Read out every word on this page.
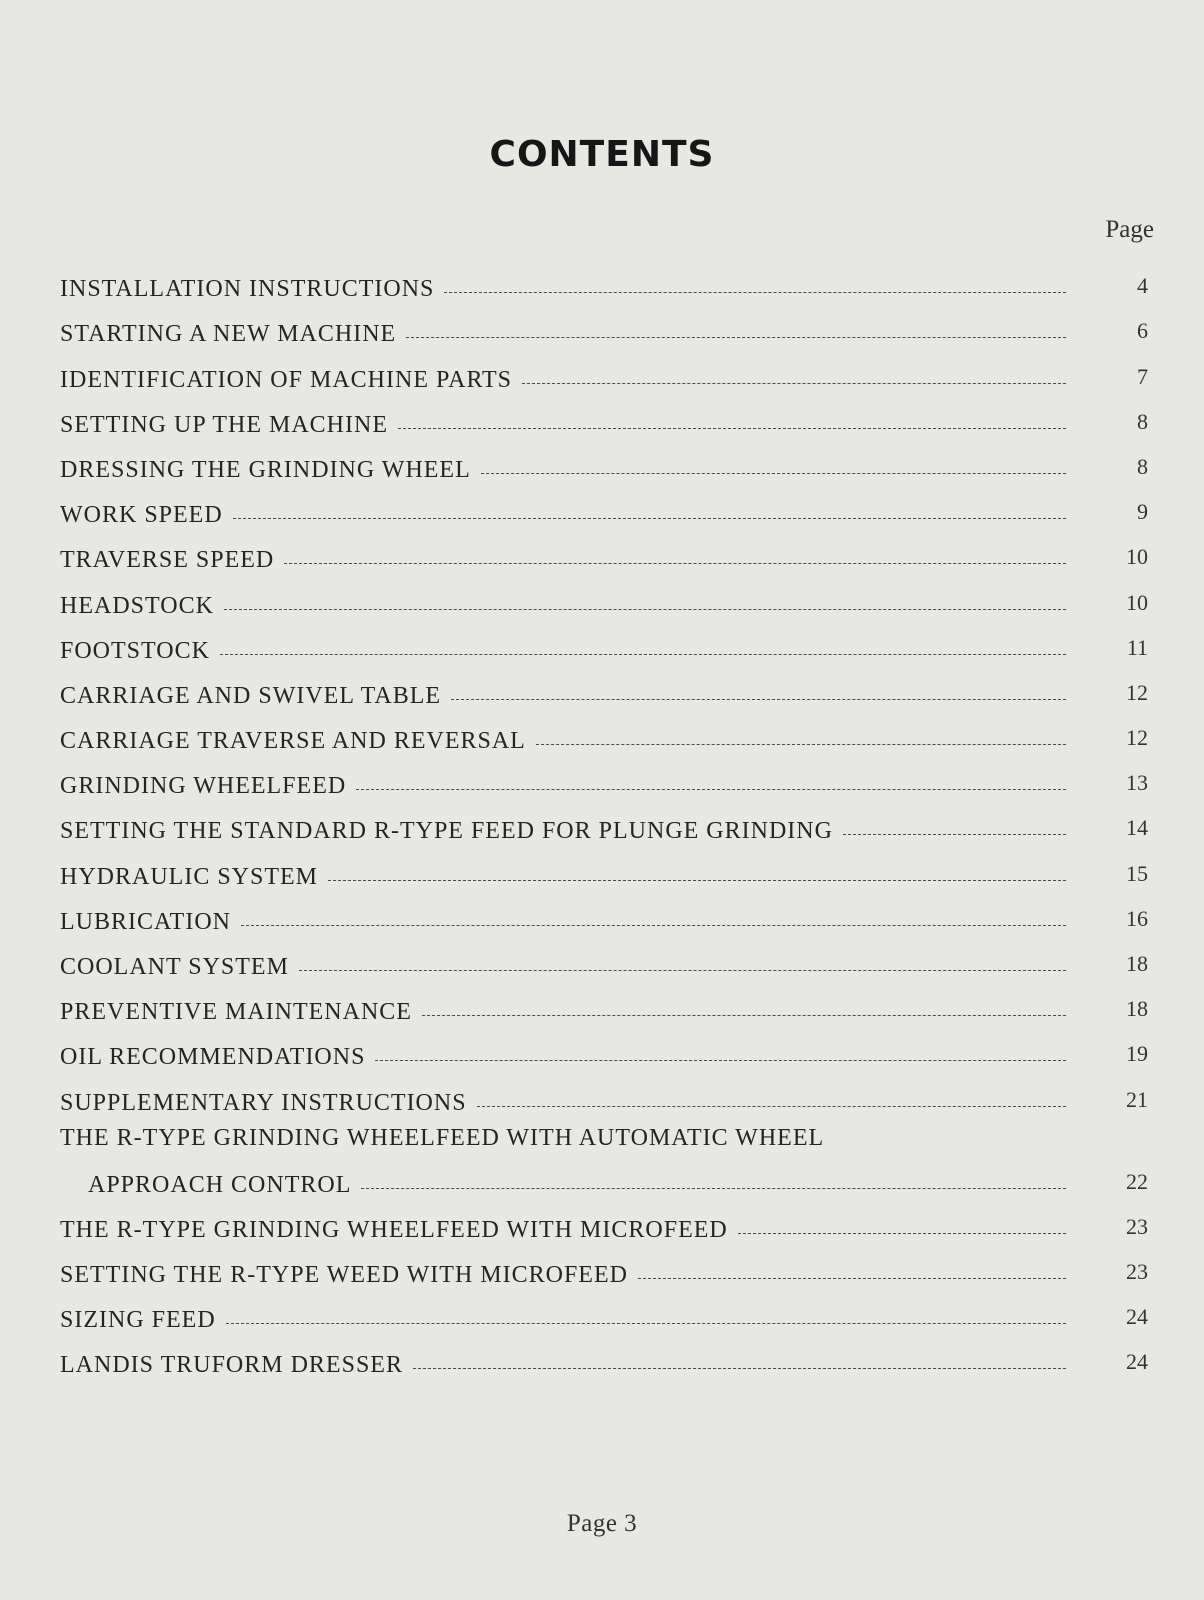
CONTENTS
Page
INSTALLATION INSTRUCTIONS	4
STARTING A NEW MACHINE	6
IDENTIFICATION OF MACHINE PARTS	7
SETTING UP THE MACHINE	8
DRESSING THE GRINDING WHEEL	8
WORK SPEED	9
TRAVERSE SPEED	10
HEADSTOCK	10
FOOTSTOCK	11
CARRIAGE AND SWIVEL TABLE	12
CARRIAGE TRAVERSE AND REVERSAL	12
GRINDING WHEELFEED	13
SETTING THE STANDARD R-TYPE FEED FOR PLUNGE GRINDING	14
HYDRAULIC SYSTEM	15
LUBRICATION	16
COOLANT SYSTEM	18
PREVENTIVE MAINTENANCE	18
OIL RECOMMENDATIONS	19
SUPPLEMENTARY INSTRUCTIONS	21
THE R-TYPE GRINDING WHEELFEED WITH AUTOMATIC WHEEL
APPROACH CONTROL	22
THE R-TYPE GRINDING WHEELFEED WITH MICROFEED	23
SETTING THE R-TYPE WEED WITH MICROFEED	23
SIZING FEED	24
LANDIS TRUFORM DRESSER	24
Page 3
